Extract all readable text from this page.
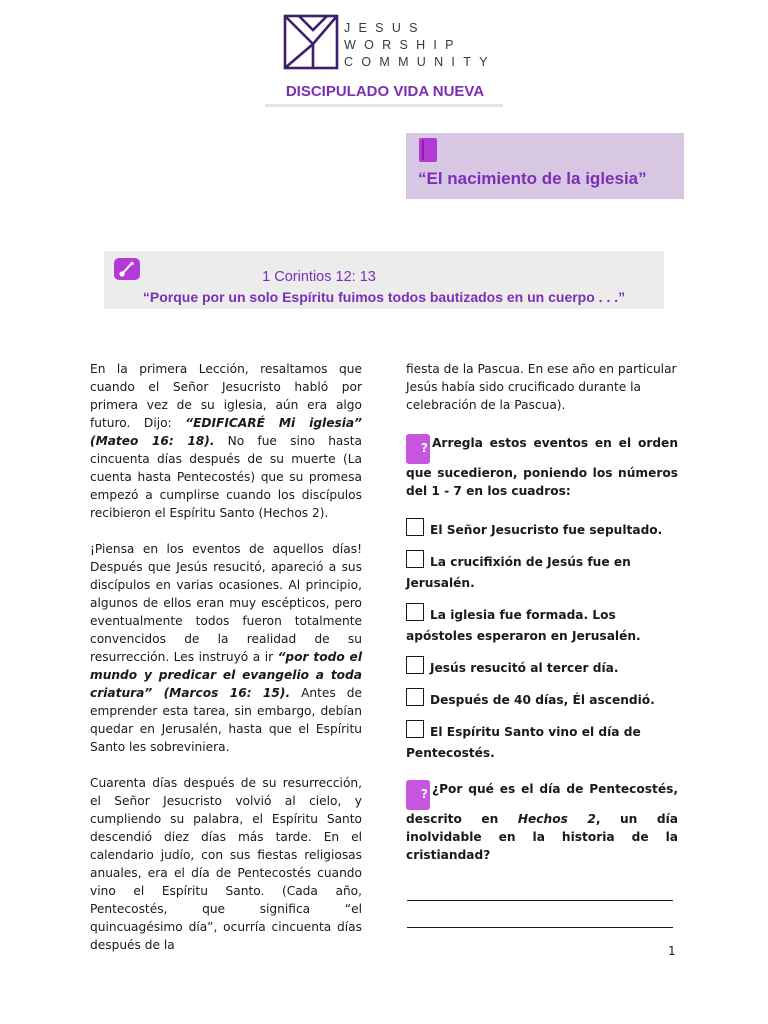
JESUS
WORSHIP
COMMUNITY
DISCIPULADO VIDA NUEVA
“El nacimiento de la iglesia”
1 Corintios 12: 13
“Porque por un solo Espíritu fuimos todos bautizados en un cuerpo . . .”

En la primera Lección, resaltamos que cuando el Señor Jesucristo habló por primera vez de su iglesia, aún era algo futuro. Dijo: “EDIFICARÉ Mi iglesia” (Mateo 16: 18). No fue sino hasta cincuenta días después de su muerte (La cuenta hasta Pentecostés) que su promesa empezó a cumplirse cuando los discípulos recibieron el Espíritu Santo (Hechos 2).

¡Piensa en los eventos de aquellos días! Después que Jesús resucitó, apareció a sus discípulos en varias ocasiones. Al principio, algunos de ellos eran muy escépticos, pero eventualmente todos fueron totalmente convencidos de la realidad de su resurrección. Les instruyó a ir “por todo el mundo y predicar el evangelio a toda criatura” (Marcos 16: 15). Antes de emprender esta tarea, sin embargo, debían quedar en Jerusalén, hasta que el Espíritu Santo les sobreviniera.

Cuarenta días después de su resurrección, el Señor Jesucristo volvió al cielo, y cumpliendo su palabra, el Espíritu Santo descendió diez días más tarde. En el calendario judío, con sus fiestas religiosas anuales, era el día de Pentecostés cuando vino el Espíritu Santo. (Cada año, Pentecostés, que significa “el quincuagésimo día”, ocurría cincuenta días después de la

fiesta de la Pascua. En ese año en particular Jesús había sido crucificado durante la celebración de la Pascua).
?Arregla estos eventos en el orden que sucedieron, poniendo los números del 1 - 7 en los cuadros:
El Señor Jesucristo fue sepultado.
La crucifixión de Jesús fue en Jerusalén.
La iglesia fue formada. Los apóstoles esperaron en Jerusalén.
Jesús resucitó al tercer día.
Después de 40 días, Él ascendió.
El Espíritu Santo vino el día de Pentecostés.
?¿Por qué es el día de Pentecostés, descrito en Hechos 2, un día inolvidable en la historia de la cristiandad?
1
